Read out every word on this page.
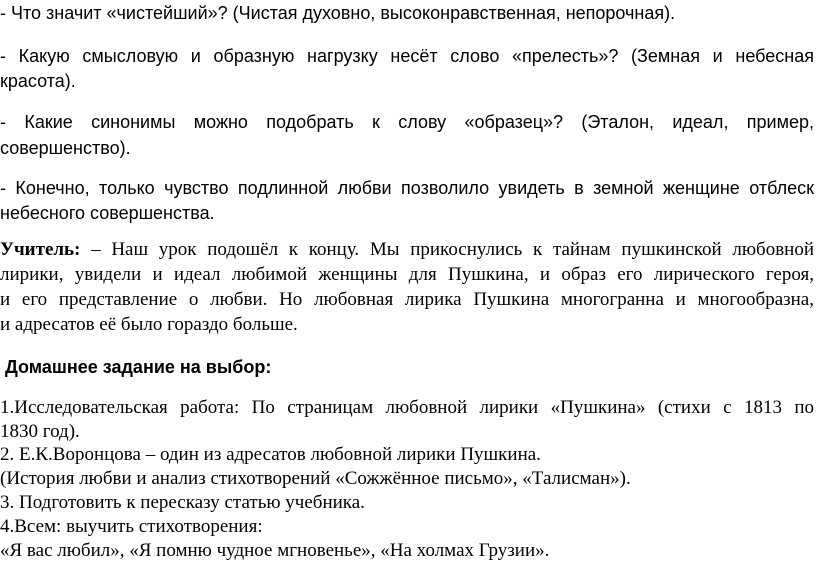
- Что значит «чистейший»? (Чистая духовно, высоконравственная, непорочная).
- Какую смысловую и образную нагрузку несёт слово «прелесть»? (Земная и небесная
красота).
- Какие синонимы можно подобрать к слову «образец»? (Эталон, идеал, пример,
совершенство).
- Конечно, только чувство подлинной любви позволило увидеть в земной женщине отблеск
небесного совершенства.
Учитель: – Наш урок подошёл к концу. Мы прикоснулись к тайнам пушкинской любовной
лирики, увидели и идеал любимой женщины для Пушкина, и образ его лирического героя,
и его представление о любви. Но любовная лирика Пушкина многогранна и многообразна,
и адресатов её было гораздо больше.
Домашнее задание на выбор:
1.Исследовательская работа: По страницам любовной лирики «Пушкина» (стихи с 1813 по
1830 год).
2. Е.К.Воронцова – один из адресатов любовной лирики Пушкина.
(История любви и анализ стихотворений «Сожжённое письмо», «Талисман»).
3. Подготовить к пересказу статью учебника.
4.Всем: выучить стихотворения:
«Я вас любил», «Я помню чудное мгновенье», «На холмах Грузии».
